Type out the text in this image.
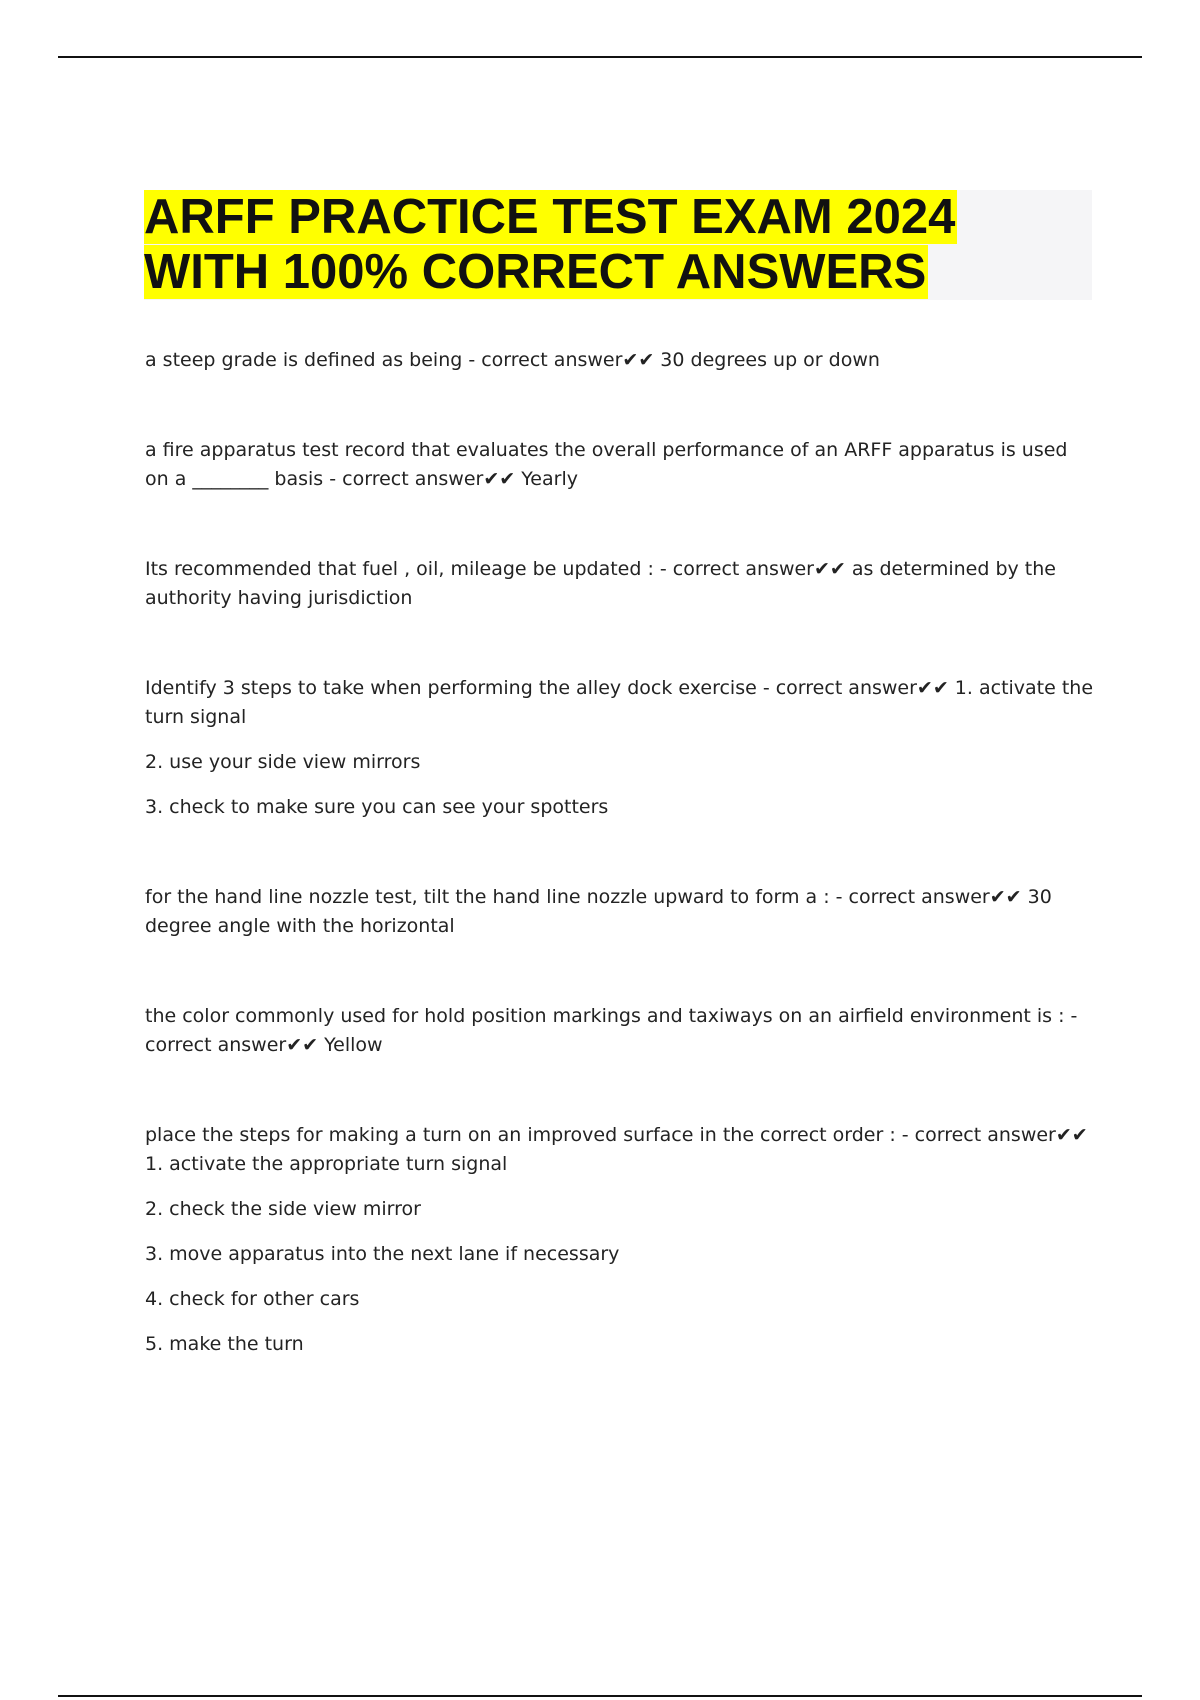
ARFF PRACTICE TEST EXAM 2024 WITH 100% CORRECT ANSWERS

a steep grade is defined as being - correct answer✔✔ 30 degrees up or down

a fire apparatus test record that evaluates the overall performance of an ARFF apparatus is used on a ________ basis - correct answer✔✔ Yearly

Its recommended that fuel , oil, mileage be updated : - correct answer✔✔ as determined by the authority having jurisdiction

Identify 3 steps to take when performing the alley dock exercise - correct answer✔✔ 1. activate the turn signal

2. use your side view mirrors

3. check to make sure you can see your spotters

for the hand line nozzle test, tilt the hand line nozzle upward to form a : - correct answer✔✔ 30 degree angle with the horizontal

the color commonly used for hold position markings and taxiways on an airfield environment is : - correct answer✔✔ Yellow

place the steps for making a turn on an improved surface in the correct order : - correct answer✔✔ 1. activate the appropriate turn signal

2. check the side view mirror

3. move apparatus into the next lane if necessary

4. check for other cars

5. make the turn
